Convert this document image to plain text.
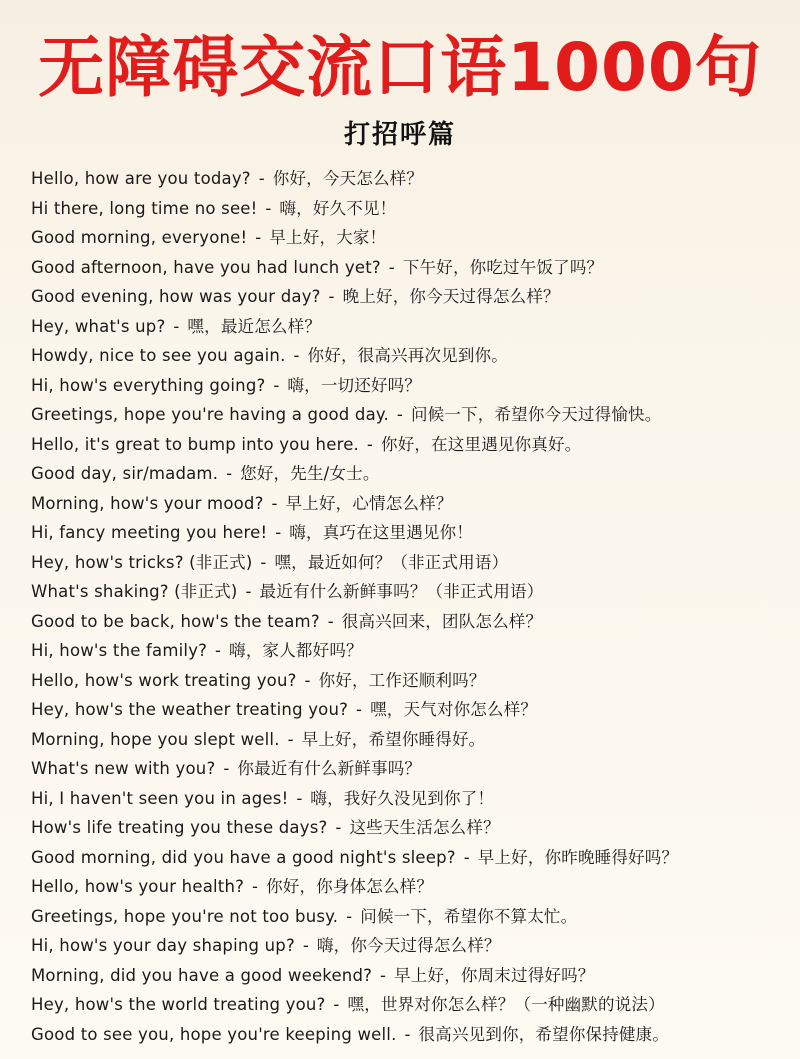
无障碍交流口语1000句
打招呼篇
Hello, how are you today? - 你好，今天怎么样？
Hi there, long time no see! - 嗨，好久不见！
Good morning, everyone! - 早上好，大家！
Good afternoon, have you had lunch yet? - 下午好，你吃过午饭了吗？
Good evening, how was your day? - 晚上好，你今天过得怎么样？
Hey, what's up? - 嘿，最近怎么样？
Howdy, nice to see you again. - 你好，很高兴再次见到你。
Hi, how's everything going? - 嗨，一切还好吗？
Greetings, hope you're having a good day. - 问候一下，希望你今天过得愉快。
Hello, it's great to bump into you here. - 你好，在这里遇见你真好。
Good day, sir/madam. - 您好，先生/女士。
Morning, how's your mood? - 早上好，心情怎么样？
Hi, fancy meeting you here! - 嗨，真巧在这里遇见你！
Hey, how's tricks? (非正式) - 嘿，最近如何？（非正式用语）
What's shaking? (非正式) - 最近有什么新鲜事吗？（非正式用语）
Good to be back, how's the team? - 很高兴回来，团队怎么样？
Hi, how's the family? - 嗨，家人都好吗？
Hello, how's work treating you? - 你好，工作还顺利吗？
Hey, how's the weather treating you? - 嘿，天气对你怎么样？
Morning, hope you slept well. - 早上好，希望你睡得好。
What's new with you? - 你最近有什么新鲜事吗？
Hi, I haven't seen you in ages! - 嗨，我好久没见到你了！
How's life treating you these days? - 这些天生活怎么样？
Good morning, did you have a good night's sleep? - 早上好，你昨晚睡得好吗？
Hello, how's your health? - 你好，你身体怎么样？
Greetings, hope you're not too busy. - 问候一下，希望你不算太忙。
Hi, how's your day shaping up? - 嗨，你今天过得怎么样？
Morning, did you have a good weekend? - 早上好，你周末过得好吗？
Hey, how's the world treating you? - 嘿，世界对你怎么样？（一种幽默的说法）
Good to see you, hope you're keeping well. - 很高兴见到你，希望你保持健康。
